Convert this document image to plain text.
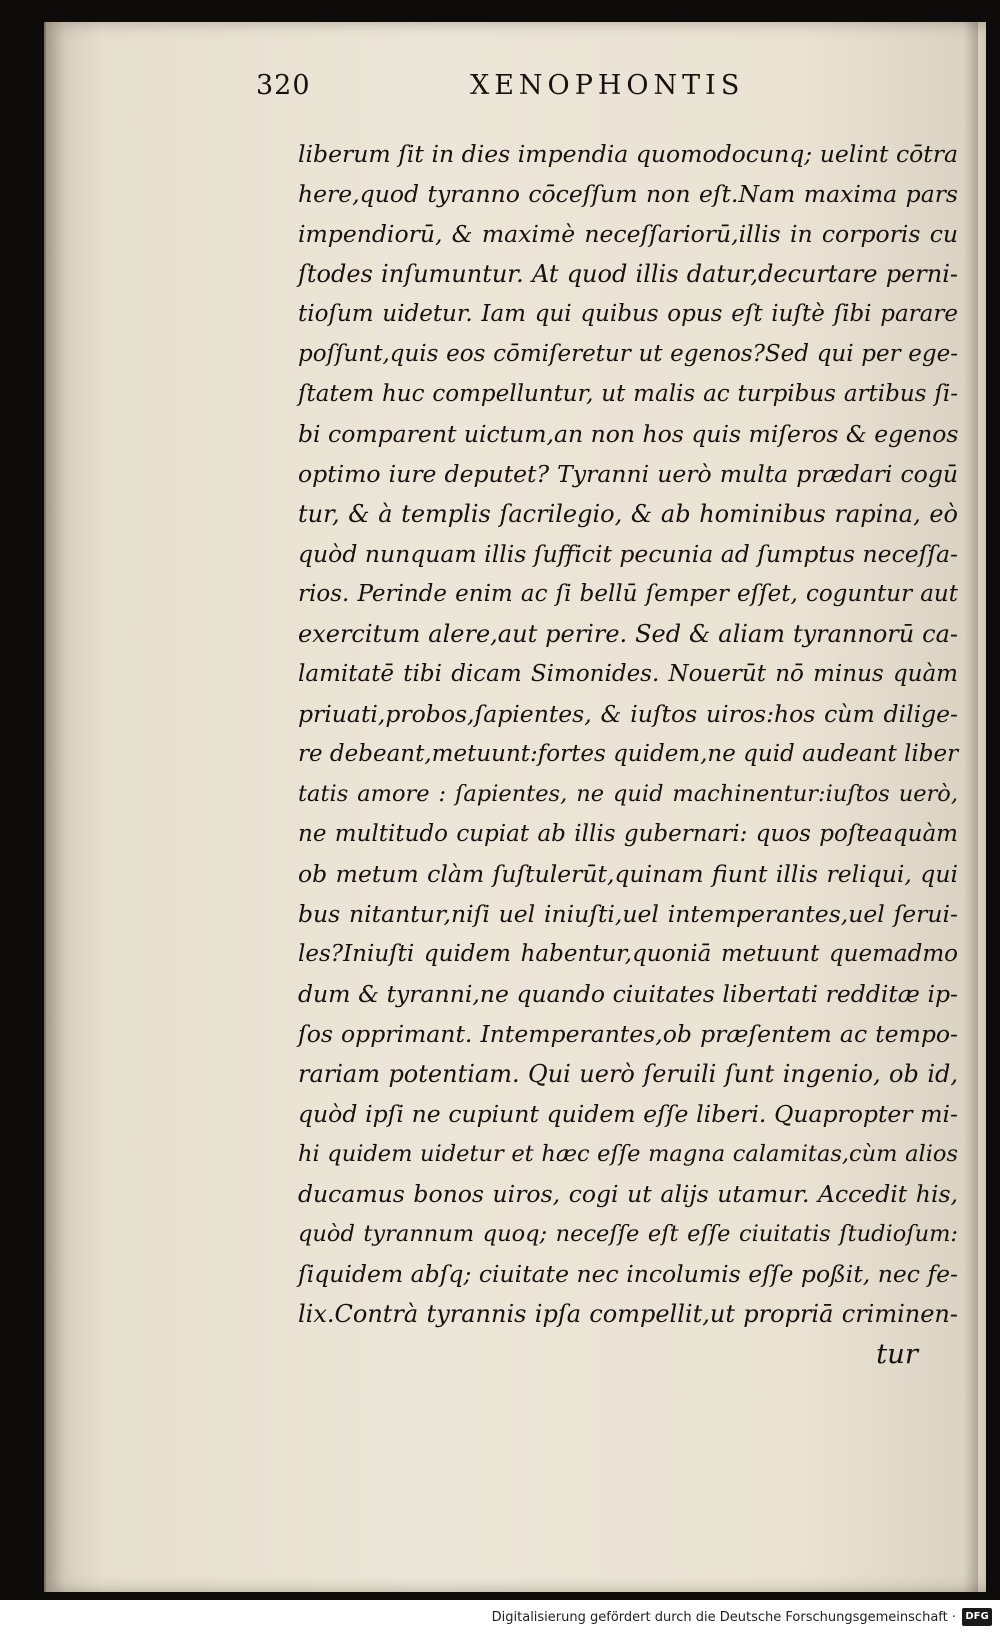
320	XENOPHONTIS
liberum ſit in dies impendia quomodocunq; uelint cōtra
here,quod tyranno cōceſſum non eſt.Nam maxima pars
impendiorū, & maximè neceſſariorū,illis in corporis cu
ſtodes inſumuntur. At quod illis datur,decurtare perni-
tioſum uidetur. Iam qui quibus opus eſt iuſtè ſibi parare
poſſunt,quis eos cōmiſeretur ut egenos?Sed qui per ege-
ſtatem huc compelluntur, ut malis ac turpibus artibus ſi-
bi comparent uictum,an non hos quis miſeros & egenos
optimo iure deputet? Tyranni uerò multa prædari cogū
tur, & à templis ſacrilegio, & ab hominibus rapina, eò
quòd nunquam illis ſufficit pecunia ad ſumptus neceſſa-
rios. Perinde enim ac ſi bellū ſemper eſſet, coguntur aut
exercitum alere,aut perire. Sed & aliam tyrannorū ca-
lamitatē tibi dicam Simonides. Nouerūt nō minus quàm
priuati,probos,ſapientes, & iuſtos uiros:hos cùm dilige-
re debeant,metuunt:fortes quidem,ne quid audeant liber
tatis amore : ſapientes, ne quid machinentur:iuſtos uerò,
ne multitudo cupiat ab illis gubernari: quos poſteaquàm
ob metum clàm ſuſtulerūt,quinam fiunt illis reliqui, qui
bus nitantur,niſi uel iniuſti,uel intemperantes,uel ſerui-
les?Iniuſti quidem habentur,quoniā metuunt quemadmo
dum & tyranni,ne quando ciuitates libertati redditæ ip-
ſos opprimant. Intemperantes,ob præſentem ac tempo-
rariam potentiam. Qui uerò ſeruili ſunt ingenio, ob id,
quòd ipſi ne cupiunt quidem eſſe liberi. Quapropter mi-
hi quidem uidetur et hæc eſſe magna calamitas,cùm alios
ducamus bonos uiros, cogi ut alijs utamur. Accedit his,
quòd tyrannum quoq; neceſſe eſt eſſe ciuitatis ſtudioſum:
ſiquidem abſq; ciuitate nec incolumis eſſe poßit, nec fe-
lix.Contrà tyrannis ipſa compellit,ut propriā criminen-
tur
Digitalisierung gefördert durch die Deutsche Forschungsgemeinschaft · DFG
